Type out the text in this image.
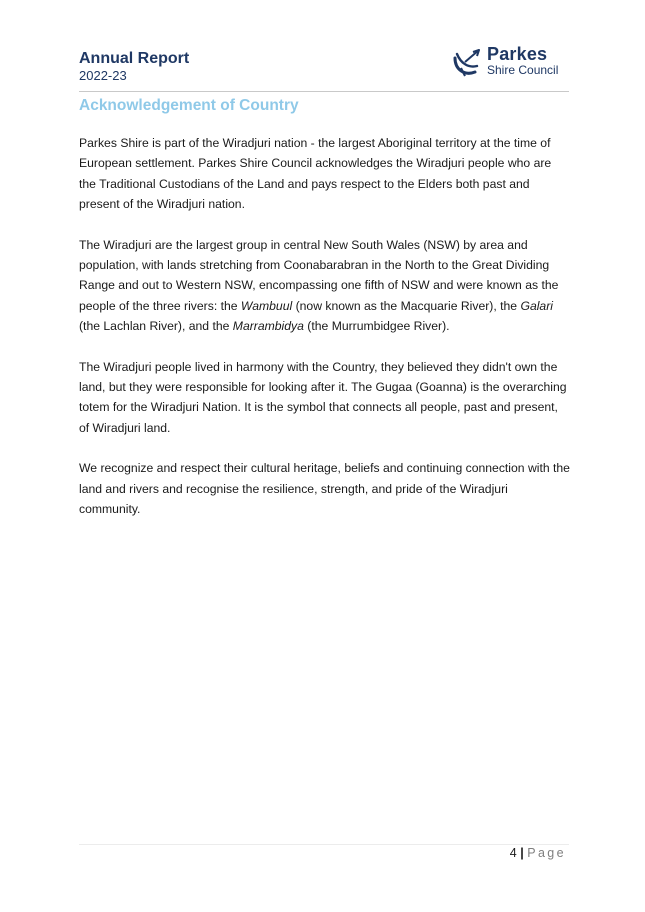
Annual Report
2022-23
Parkes
Shire Council
Acknowledgement of Country

Parkes Shire is part of the Wiradjuri nation - the largest Aboriginal territory at the time of European settlement. Parkes Shire Council acknowledges the Wiradjuri people who are the Traditional Custodians of the Land and pays respect to the Elders both past and present of the Wiradjuri nation.

The Wiradjuri are the largest group in central New South Wales (NSW) by area and population, with lands stretching from Coonabarabran in the North to the Great Dividing Range and out to Western NSW, encompassing one fifth of NSW and were known as the people of the three rivers: the Wambuul (now known as the Macquarie River), the Galari (the Lachlan River), and the Marrambidya (the Murrumbidgee River).

The Wiradjuri people lived in harmony with the Country, they believed they didn't own the land, but they were responsible for looking after it. The Gugaa (Goanna) is the overarching totem for the Wiradjuri Nation. It is the symbol that connects all people, past and present, of Wiradjuri land.

We recognize and respect their cultural heritage, beliefs and continuing connection with the land and rivers and recognise the resilience, strength, and pride of the Wiradjuri community.

4 | Page
